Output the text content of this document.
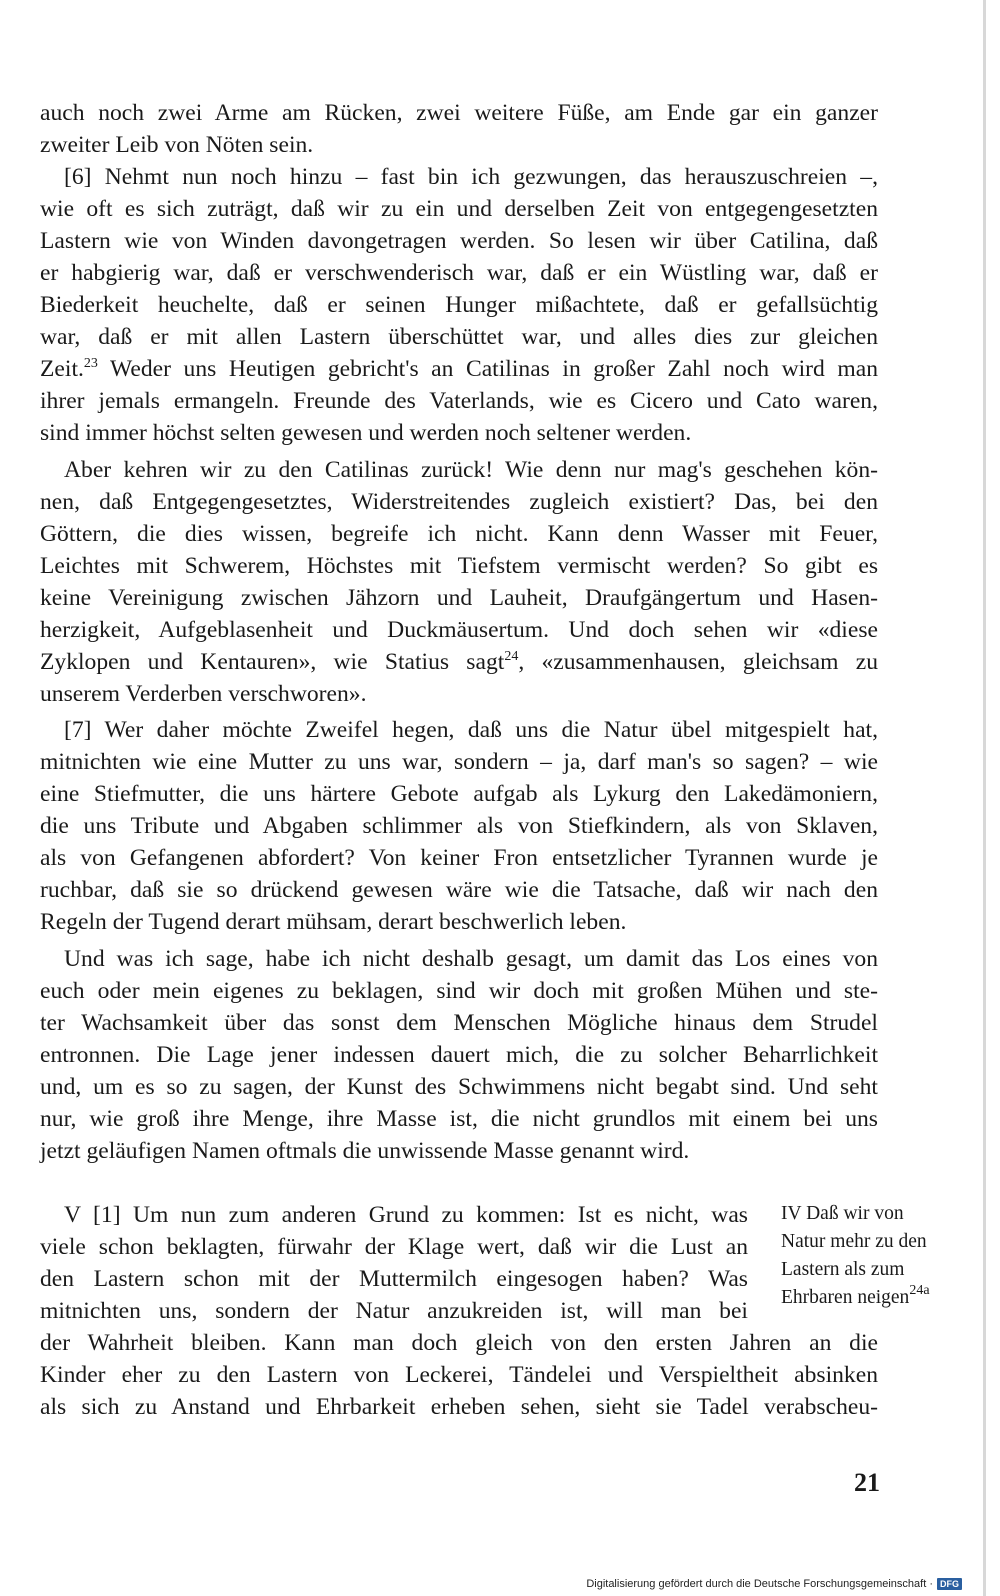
auch noch zwei Arme am Rücken, zwei weitere Füße, am Ende gar ein ganzer
zweiter Leib von Nöten sein.
[6] Nehmt nun noch hinzu – fast bin ich gezwungen, das herauszuschreien –,
wie oft es sich zuträgt, daß wir zu ein und derselben Zeit von entgegengesetzten
Lastern wie von Winden davongetragen werden. So lesen wir über Catilina, daß
er habgierig war, daß er verschwenderisch war, daß er ein Wüstling war, daß er
Biederkeit heuchelte, daß er seinen Hunger mißachtete, daß er gefallsüchtig
war, daß er mit allen Lastern überschüttet war, und alles dies zur gleichen
Zeit.$^{23}$ Weder uns Heutigen gebricht's an Catilinas in großer Zahl noch wird man
ihrer jemals ermangeln. Freunde des Vaterlands, wie es Cicero und Cato waren,
sind immer höchst selten gewesen und werden noch seltener werden.
Aber kehren wir zu den Catilinas zurück! Wie denn nur mag's geschehen kön-
nen, daß Entgegengesetztes, Widerstreitendes zugleich existiert? Das, bei den
Göttern, die dies wissen, begreife ich nicht. Kann denn Wasser mit Feuer,
Leichtes mit Schwerem, Höchstes mit Tiefstem vermischt werden? So gibt es
keine Vereinigung zwischen Jähzorn und Lauheit, Draufgängertum und Hasen-
herzigkeit, Aufgeblasenheit und Duckmäusertum. Und doch sehen wir «diese
Zyklopen und Kentauren», wie Statius sagt$^{24}$, «zusammenhausen, gleichsam zu
unserem Verderben verschworen».
[7] Wer daher möchte Zweifel hegen, daß uns die Natur übel mitgespielt hat,
mitnichten wie eine Mutter zu uns war, sondern – ja, darf man's so sagen? – wie
eine Stiefmutter, die uns härtere Gebote aufgab als Lykurg den Lakedämoniern,
die uns Tribute und Abgaben schlimmer als von Stiefkindern, als von Sklaven,
als von Gefangenen abfordert? Von keiner Fron entsetzlicher Tyrannen wurde je
ruchbar, daß sie so drückend gewesen wäre wie die Tatsache, daß wir nach den
Regeln der Tugend derart mühsam, derart beschwerlich leben.
Und was ich sage, habe ich nicht deshalb gesagt, um damit das Los eines von
euch oder mein eigenes zu beklagen, sind wir doch mit großen Mühen und ste-
ter Wachsamkeit über das sonst dem Menschen Mögliche hinaus dem Strudel
entronnen. Die Lage jener indessen dauert mich, die zu solcher Beharrlichkeit
und, um es so zu sagen, der Kunst des Schwimmens nicht begabt sind. Und seht
nur, wie groß ihre Menge, ihre Masse ist, die nicht grundlos mit einem bei uns
jetzt geläufigen Namen oftmals die unwissende Masse genannt wird.
V [1] Um nun zum anderen Grund zu kommen: Ist es nicht, was
viele schon beklagten, fürwahr der Klage wert, daß wir die Lust an
den Lastern schon mit der Muttermilch eingesogen haben? Was
mitnichten uns, sondern der Natur anzukreiden ist, will man bei
der Wahrheit bleiben. Kann man doch gleich von den ersten Jahren an die
Kinder eher zu den Lastern von Leckerei, Tändelei und Verspieltheit absinken
als sich zu Anstand und Ehrbarkeit erheben sehen, sieht sie Tadel verabscheu-
IV Daß wir von
Natur mehr zu den
Lastern als zum
Ehrbaren neigen$^{24a}$
21
Digitalisierung gefördert durch die Deutsche Forschungsgemeinschaft · DFG
